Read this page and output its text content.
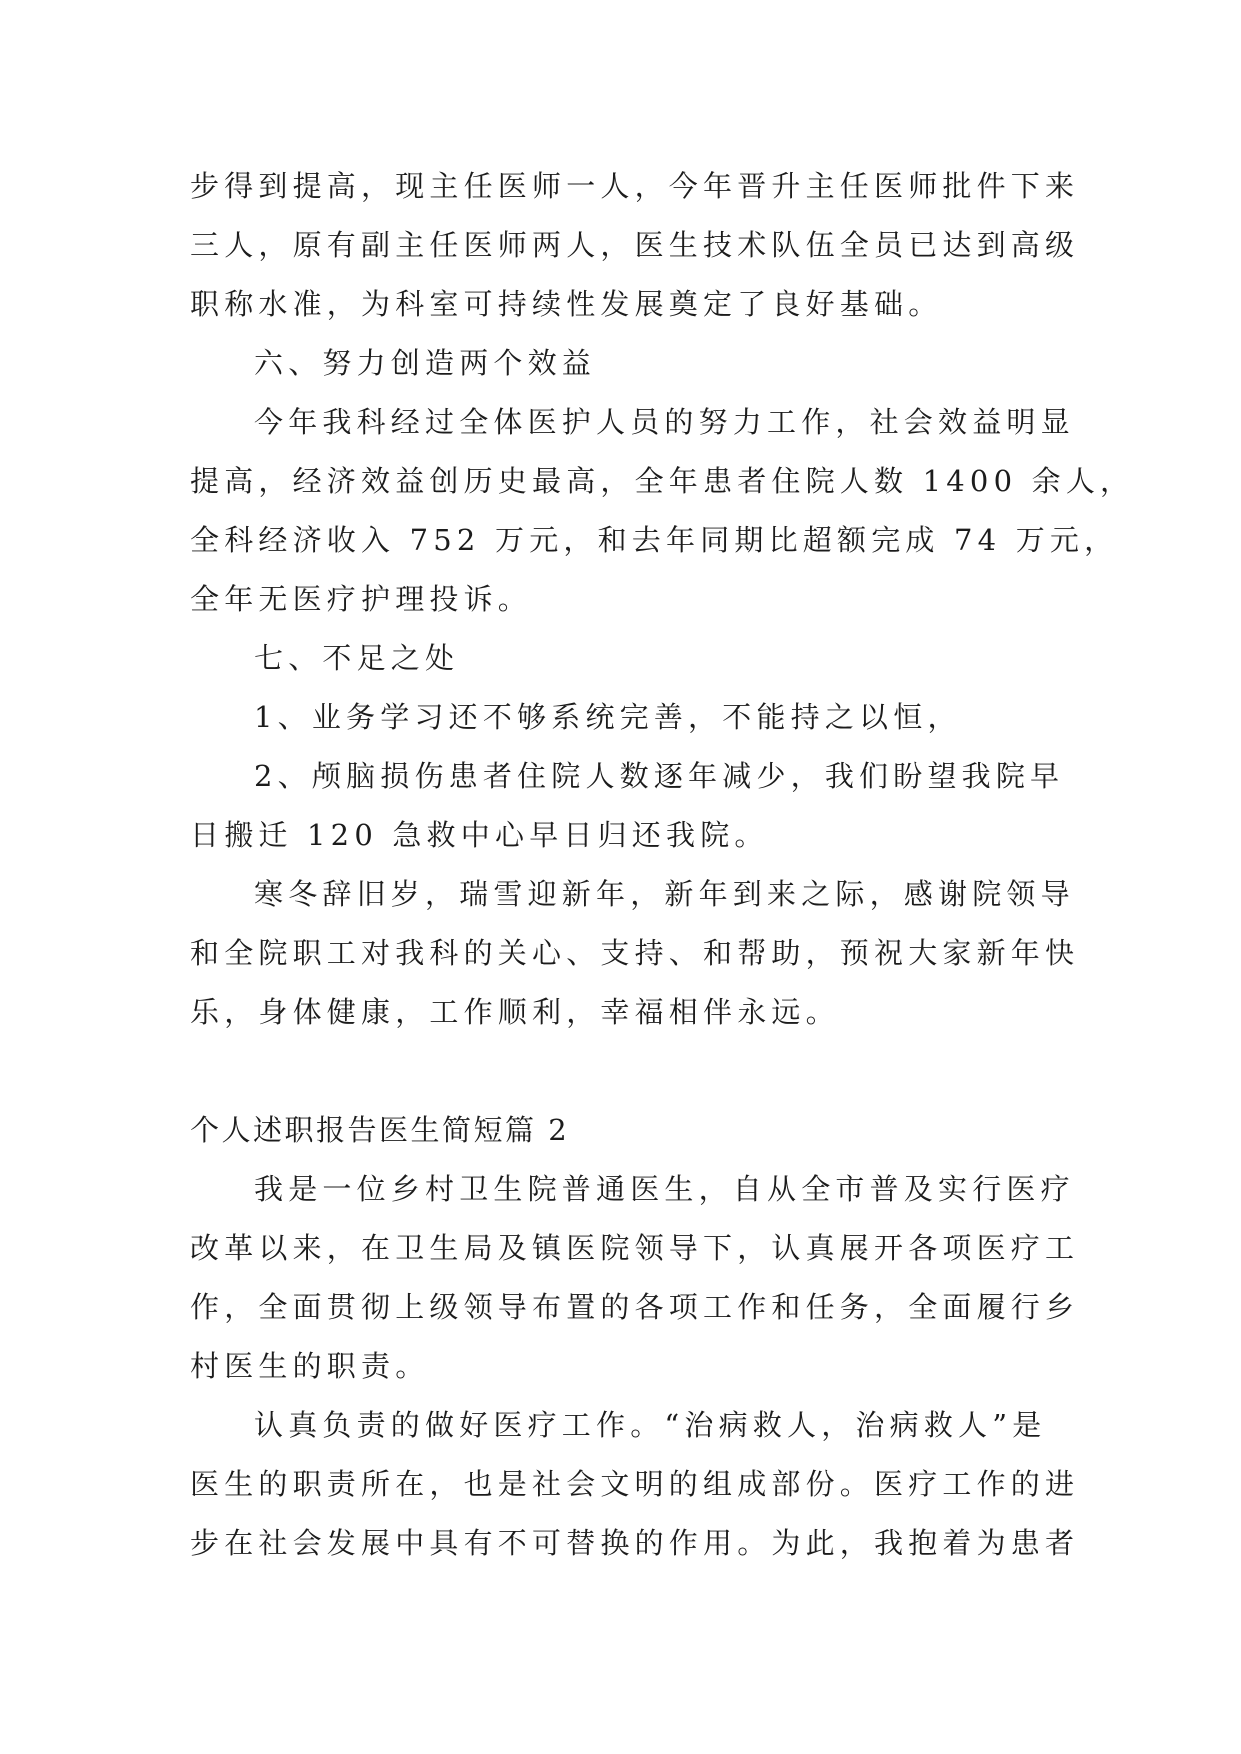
步得到提高，现主任医师一人，今年晋升主任医师批件下来

三人，原有副主任医师两人，医生技术队伍全员已达到高级

职称水准，为科室可持续性发展奠定了良好基础。

六、努力创造两个效益

今年我科经过全体医护人员的努力工作，社会效益明显

提高，经济效益创历史最高，全年患者住院人数 1400 余人，

全科经济收入 752 万元，和去年同期比超额完成 74 万元，

全年无医疗护理投诉。

七、不足之处

1、业务学习还不够系统完善，不能持之以恒，

2、颅脑损伤患者住院人数逐年减少，我们盼望我院早

日搬迁 120 急救中心早日归还我院。

寒冬辞旧岁，瑞雪迎新年，新年到来之际，感谢院领导

和全院职工对我科的关心、支持、和帮助，预祝大家新年快

乐，身体健康，工作顺利，幸福相伴永远。

个人述职报告医生简短篇 2

我是一位乡村卫生院普通医生，自从全市普及实行医疗

改革以来，在卫生局及镇医院领导下，认真展开各项医疗工

作，全面贯彻上级领导布置的各项工作和任务，全面履行乡

村医生的职责。

认真负责的做好医疗工作。“治病救人，治病救人”是

医生的职责所在，也是社会文明的组成部份。医疗工作的进

步在社会发展中具有不可替换的作用。为此，我抱着为患者
